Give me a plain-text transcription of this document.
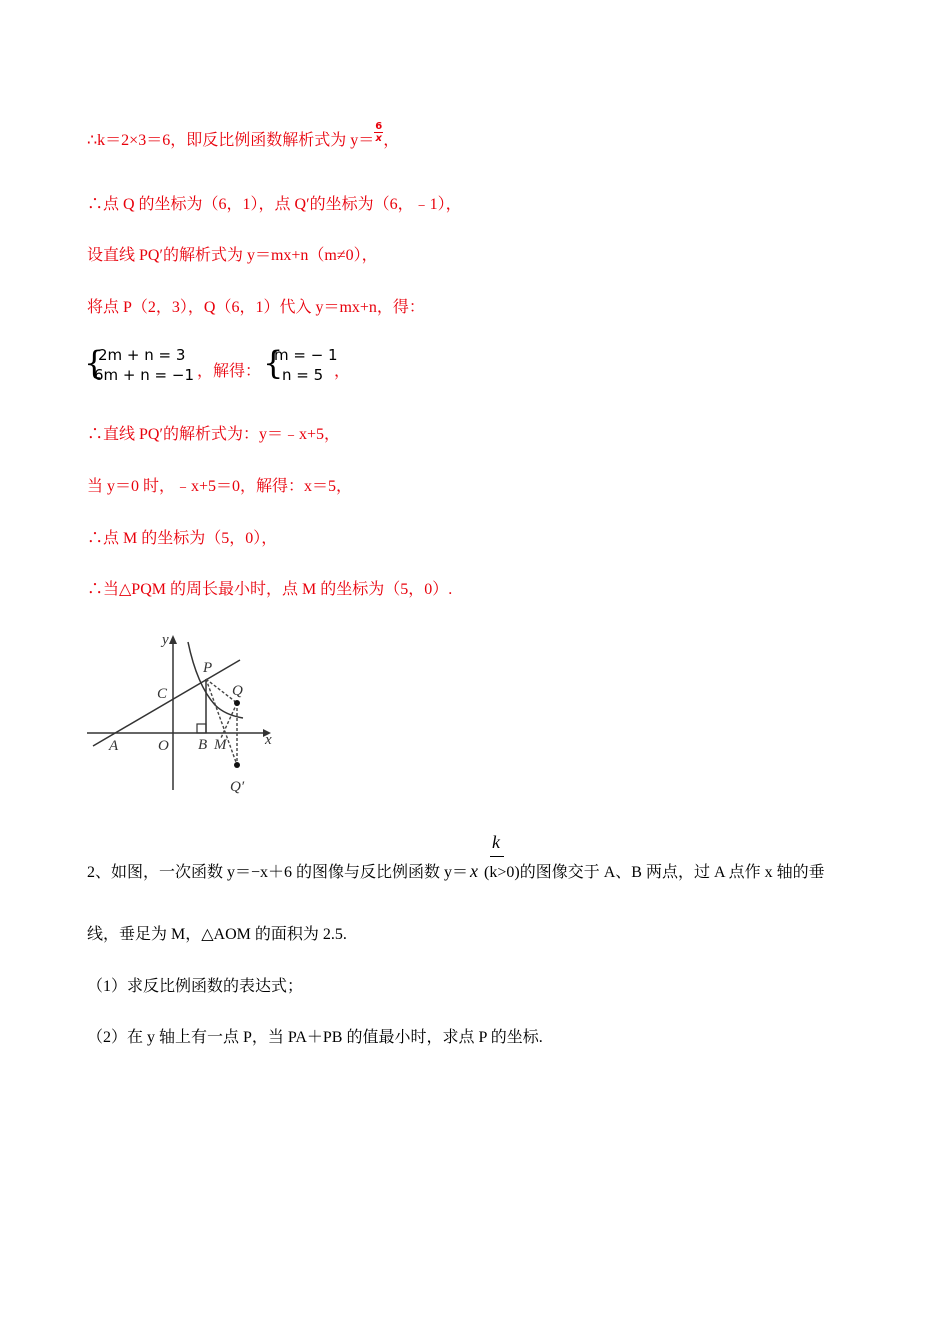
∴k＝2×3＝6，即反比例函数解析式为 $y= \frac{6}{x}$ ，
∴点 Q 的坐标为（6，1），点 Q′的坐标为（6，﹣1），
设直线 PQ′的解析式为 y＝mx+n（m≠0），
将点 P（2，3），Q（6，1）代入 y＝mx+n，得：
{
2m + n = 3
6m + n = −1 ，解得： {
m = − 1
n = 5 ，
∴直线 PQ′的解析式为：y＝﹣x+5，
当 y＝0 时，﹣x+5＝0，解得：x＝5，
∴点 M 的坐标为（5，0），
∴当△PQM 的周长最小时，点 M 的坐标为（5，0）.
y
x
P
Q
C
A	O B M
Q′
k
2、如图，一次函数 y＝−x＋6 的图像与反比例函数 y＝ x (k>0)的图像交于 A、B 两点，过 A 点作 x 轴的垂
线，垂足为 M，△AOM 的面积为 2.5.
（1）求反比例函数的表达式；
（2）在 y 轴上有一点 P，当 PA＋PB 的值最小时，求点 P 的坐标.
